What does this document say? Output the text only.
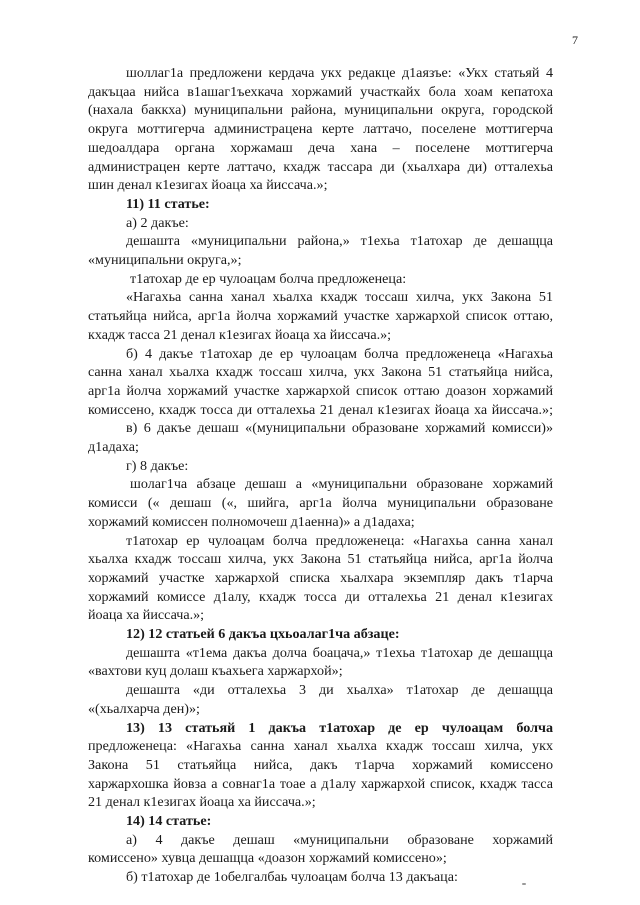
7
шоллаг1а предложени кердача укх редакце д1аязъе: «Укх статьяй 4
дакъцаа нийса в1ашаг1ъехкача хоржамий участкайх бола хоам кепатоха
(нахала баккха) муниципальни района, муниципальни округа, городской
округа моттигерча администрацена керте латтачо, поселене моттигерча
шедоалдара органа хоржамаш деча хана – поселене моттигерча
администрацен керте латтачо, кхадж тассара ди (хьалхара ди) отталехьа
шин денал к1езигах йоаца ха йиссача.»;
11) 11 статье:
а) 2 дакъе:
дешашта «муниципальни района,» т1ехьа т1атохар де дешащца
«муниципальни округа,»;
т1атохар де ер чулоацам болча предложенеца:
«Нагахьа санна ханал хьалха кхадж тоссаш хилча, укх Закона 51
статьяйца нийса, арг1а йолча хоржамий участке харжархой список оттаю,
кхадж тасса 21 денал к1езигах йоаца ха йиссача.»;
б) 4 дакъе т1атохар де ер чулоацам болча предложенеца «Нагахьа
санна ханал хьалха кхадж тоссаш хилча, укх Закона 51 статьяйца нийса,
арг1а йолча хоржамий участке харжархой список оттаю доазон хоржамий
комиссено, кхадж тосса ди отталехьа 21 денал к1езигах йоаца ха йиссача.»;
в) 6 дакъе дешаш «(муниципальни образоване хоржамий комисси)»
д1адаха;
г) 8 дакъе:
шолаг1ча абзаце дешаш а «муниципальни образоване хоржамий
комисси (« дешаш («, шийга, арг1а йолча муниципальни образоване
хоржамий комиссен полномочеш д1аенна)» а д1адаха;
т1атохар ер чулоацам болча предложенеца: «Нагахьа санна ханал
хьалха кхадж тоссаш хилча, укх Закона 51 статьяйца нийса, арг1а йолча
хоржамий участке харжархой списка хьалхара экземпляр дакъ т1арча
хоржамий комиссе д1алу, кхадж тосса ди отталехьа 21 денал к1езигах
йоаца ха йиссача.»;
12) 12 статьей 6 дакъа цхьоалаг1ча абзаце:
дешашта «т1ема дакъа долча боацача,» т1ехьа т1атохар де дешащца
«вахтови куц долаш къахьега харжархой»;
дешашта «ди отталехьа 3 ди хьалха» т1атохар де дешащца
«(хьалхарча ден)»;
13) 13 статьяй 1 дакъа т1атохар де ер чулоацам болча
предложенеца: «Нагахьа санна ханал хьалха кхадж тоссаш хилча, укх
Закона 51 статьяйца нийса, дакъ т1арча хоржамий комиссено
харжархошка йовза а совнаг1а тоае а д1алу харжархой список, кхадж тасса
21 денал к1езигах йоаца ха йиссача.»;
14) 14 статье:
а) 4 дакъе дешаш «муниципальни образоване хоржамий
комиссено» хувца дешащца «доазон хоржамий комиссено»;
б) т1атохар де 1обелгалбаь чулоацам болча 13 дакъаца:
